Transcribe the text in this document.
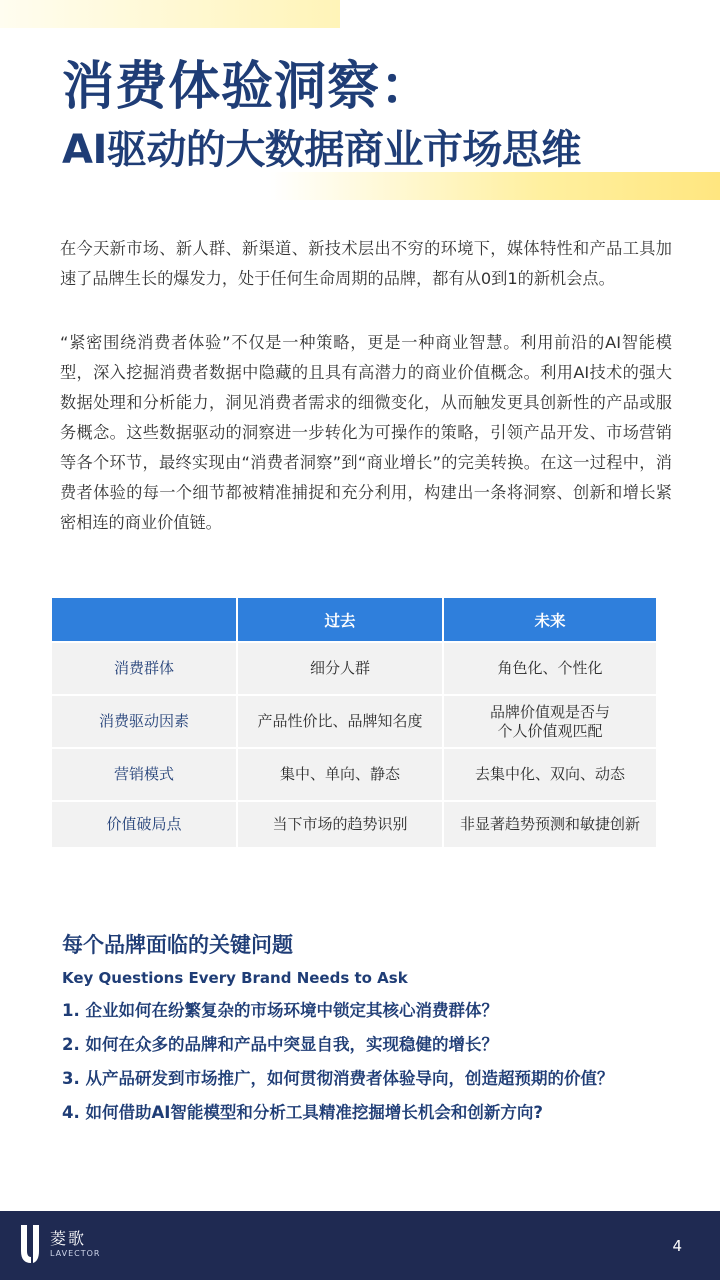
消费体验洞察：
AI驱动的大数据商业市场思维

在今天新市场、新人群、新渠道、新技术层出不穷的环境下，媒体特性和产品工具加速了品牌生长的爆发力，处于任何生命周期的品牌，都有从0到1的新机会点。

“紧密围绕消费者体验”不仅是一种策略，更是一种商业智慧。利用前沿的AI智能模型，深入挖掘消费者数据中隐藏的且具有高潜力的商业价值概念。利用AI技术的强大数据处理和分析能力，洞见消费者需求的细微变化，从而触发更具创新性的产品或服务概念。这些数据驱动的洞察进一步转化为可操作的策略，引领产品开发、市场营销等各个环节，最终实现由“消费者洞察”到“商业增长”的完美转换。在这一过程中，消费者体验的每一个细节都被精准捕捉和充分利用，构建出一条将洞察、创新和增长紧密相连的商业价值链。

	过去	未来
消费群体	细分人群	角色化、个性化
消费驱动因素	产品性价比、品牌知名度	品牌价值观是否与
个人价值观匹配
营销模式	集中、单向、静态	去集中化、双向、动态
价值破局点	当下市场的趋势识别	非显著趋势预测和敏捷创新
每个品牌面临的关键问题
Key Questions Every Brand Needs to Ask
1. 企业如何在纷繁复杂的市场环境中锁定其核心消费群体？
2. 如何在众多的品牌和产品中突显自我，实现稳健的增长？
3. 从产品研发到市场推广，如何贯彻消费者体验导向，创造超预期的价值？
4. 如何借助AI智能模型和分析工具精准挖掘增长机会和创新方向?
菱歌
LAVECTOR	4
